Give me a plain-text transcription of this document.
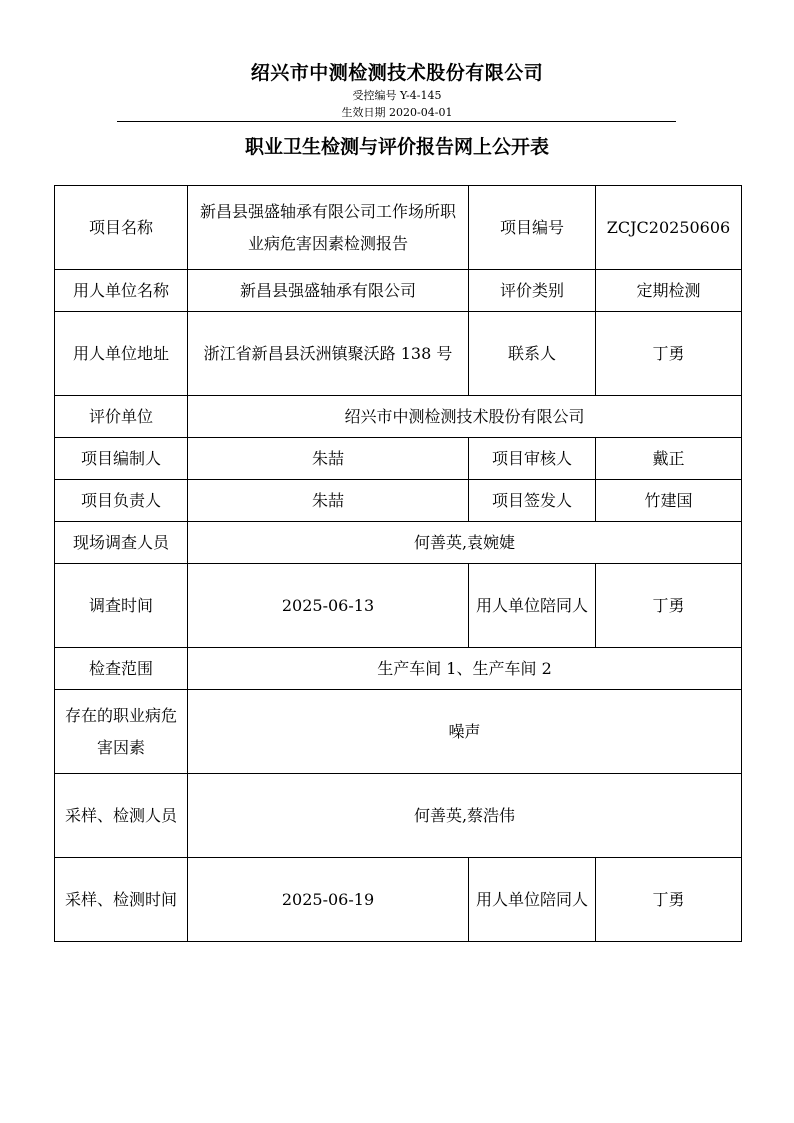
绍兴市中测检测技术股份有限公司
受控编号 Y-4-145
生效日期 2020-04-01
职业卫生检测与评价报告网上公开表
项目名称	新昌县强盛轴承有限公司工作场所职业病危害因素检测报告	项目编号	ZCJC20250606
用人单位名称	新昌县强盛轴承有限公司	评价类别	定期检测
用人单位地址	浙江省新昌县沃洲镇聚沃路 138 号	联系人	丁勇
评价单位	绍兴市中测检测技术股份有限公司		
项目编制人	朱喆	项目审核人	戴正
项目负责人	朱喆	项目签发人	竹建国
现场调查人员	何善英,袁婉婕		
调查时间	2025-06-13	用人单位陪同人	丁勇
检查范围	生产车间 1、生产车间 2		
存在的职业病危害因素	噪声		
采样、检测人员	何善英,蔡浩伟		
采样、检测时间	2025-06-19	用人单位陪同人	丁勇
